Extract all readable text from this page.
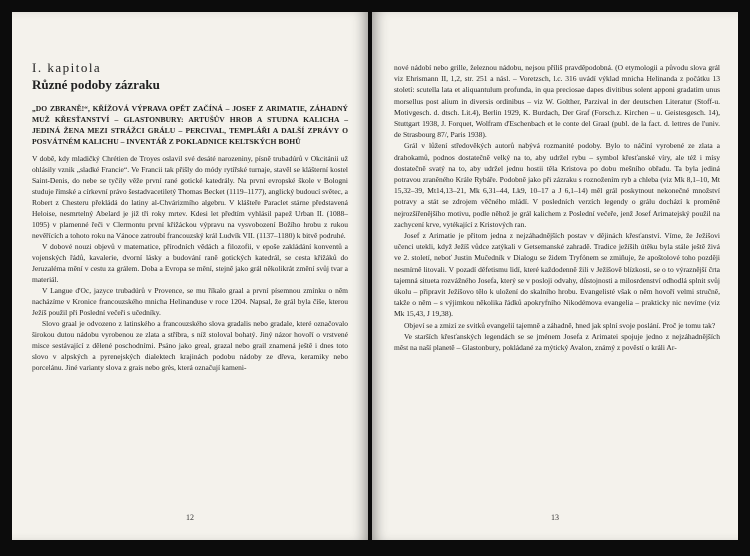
I. kapitola
Různé podoby zázraku
„DO ZBRANĚ!“, KŘÍŽOVÁ VÝPRAVA OPĚT ZAČÍNÁ – JOSEF Z ARIMATIE, ZÁHADNÝ MUŽ KŘESŤANSTVÍ – GLASTONBURY: ARTUŠŮV HROB A STUDNA KALICHA – JEDINÁ ŽENA MEZI STRÁŽCI GRÁLU – PERCIVAL, TEMPLÁŘI A DALŠÍ ZPRÁVY O POSVÁTNÉM KALICHU – INVENTÁŘ Z POKLADNICE KELTSKÝCH BOHŮ

V době, kdy mladičký Chrétien de Troyes oslavil své desáté narozeniny, písně trubadúrů v Okcitánii už ohlásily vznik „sladké Francie“. Ve Francii tak přišly do módy rytířské turnaje, stavěl se klášterní kostel Saint-Denis, do nebe se tyčily věže první rané gotické katedrály. Na první evropské škole v Bologni studuje římské a církevní právo šestadvacetiletý Thomas Becket (1119–1177), anglický budoucí světec, a Robert z Chesteru překládá do latiny al-Chvárizmího algebru. V klášteře Paraclet stárne představená Heloise, nesmrtelný Abelard je již tři roky mrtev. Kdesi let předtím vyhlásil papež Urban II. (1088–1095) v plamenné řeči v Clermontu první křižáckou výpravu na vysvobození Božího hrobu z rukou nevěřících a tohoto roku na Vánoce zatroubí francouzský král Ludvík VII. (1137–1180) k bitvě podruhé.

V dobové nouzi objevů v matematice, přírodních vědách a filozofii, v epoše zakládání konventů a vojenských řádů, kavalerie, dvorní lásky a budování raně gotických katedrál, se cesta křižáků do Jeruzaléma mění v cestu za grálem. Doba a Evropa se mění, stejně jako grál několikrát změní svůj tvar a materiál.

V Langue d'Oc, jazyce trubadúrů v Provence, se mu říkalo graal a první písemnou zmínku o něm nacházíme v Kronice francouzského mnicha Helinanduse v roce 1204. Napsal, že grál byla číše, kterou Ježíš použil při Poslední večeři s učedníky.

Slovo graal je odvozeno z latinského a francouzského slova gradalis nebo gradale, které označovalo širokou dutou nádobu vyrobenou ze zlata a stříbra, s níž stoloval bohatý. Jiný názor hovoří o vrstvené misce sestávající z dělené poschodními. Psáno jako greal, grazal nebo grail znamená ještě i dnes toto slovo v alpských a pyrenejských dialektech krajinách podobu nádoby ze dřeva, keramiky nebo porcelánu. Jiné varianty slova z grais nebo grès, která označují kameni-

12

nové nádobí nebo grille, železnou nádobu, nejsou příliš pravděpodobná. (O etymologii a původu slova grál viz Ehrismann II, 1,2, str. 251 a násl. – Voretzsch, l.c. 316 uvádí výklad mnicha Helinanda z počátku 13 století: scutella lata et aliquantulum profunda, in qua preciosae dapes divitibus solent apponi gradatim unus morsellus post alium in diversis ordinibus – viz W. Golther, Parzival in der deutschen Literatur (Stoff-u. Motivgesch. d. dtsch. Lit.4), Berlin 1929, K. Burdach, Der Graf (Forsch.z. Kirchen – u. Geistesgesch. 14), Stuttgart 1938, J. Forquet, Wolfram d'Eschenbach et le conte del Graal (publ. de la fact. d. lettres de l'univ. de Strasbourg 87/, Paris 1938).

Grál v lůžení středověkých autorů nabývá rozmanité podoby. Bylo to náčiní vyrobené ze zlata a drahokamů, podnos dostatečně velký na to, aby udržel rybu – symbol křesťanské víry, ale též i mísy dostatečně svatý na to, aby udržel jednu hostii těla Kristova po dobu mešního obřadu. Ta byla jediná potravou zraněného Krále Rybáře. Podobně jako při zázraku s roznožením ryb a chleba (viz Mk 8,1–10, Mt 15,32–39, Mt14,13–21, Mk 6,31–44, Lk9, 10–17 a J 6,1–14) měl grál poskytnout nekonečné množství potravy a stát se zdrojem věčného mládí. V posledních verzích legendy o grálu dochází k proměně nejrozšířenějšího motivu, podle něhož je grál kalichem z Poslední večeře, jenž Josef Arimatejský použil na zachycení krve, vytékající z Kristových ran.

Josef z Arimatie je přitom jedna z nejzáhadnějších postav v dějinách křesťanství. Víme, že Ježíšovi učenci utekli, když Ježíš vůdce zatýkali v Getsemanské zahradě. Tradice ježíših útěku byla stále ještě živá ve 2. století, neboť Justin Mučedník v Dialogu se židem Tryfónem se zmiňuje, že apoštolové toho později nesmírně litovali. V pozadí děfetismu lidí, které každodenně žili v Ježíšově blízkosti, se o to výraznější črta tajemná situeta rozvážného Josefa, který se v posloji odvahy, důstojnosti a milosrdenství odhodlá splnit svůj úkolu – připravit Ježíšovo tělo k uložení do skalního hrobu. Evangelisté však o něm hovoří velmi stručně, takže o něm – s výjimkou několika řádků apokryfního Nikodémova evangelia – prakticky nic nevíme (viz Mk 15,43, J 19,38).

Objeví se a zmizí ze svitků evangelií tajemně a záhadně, hned jak splní svoje poslání. Proč je tomu tak?

Ve starších křesťanských legendách se se jménem Josefa z Arimatei spojuje jedno z nejzáhadnějších měst na naší planetě – Glastonbury, pokládané za mýtický Avalon, známý z pověstí o králi Ar-

13
